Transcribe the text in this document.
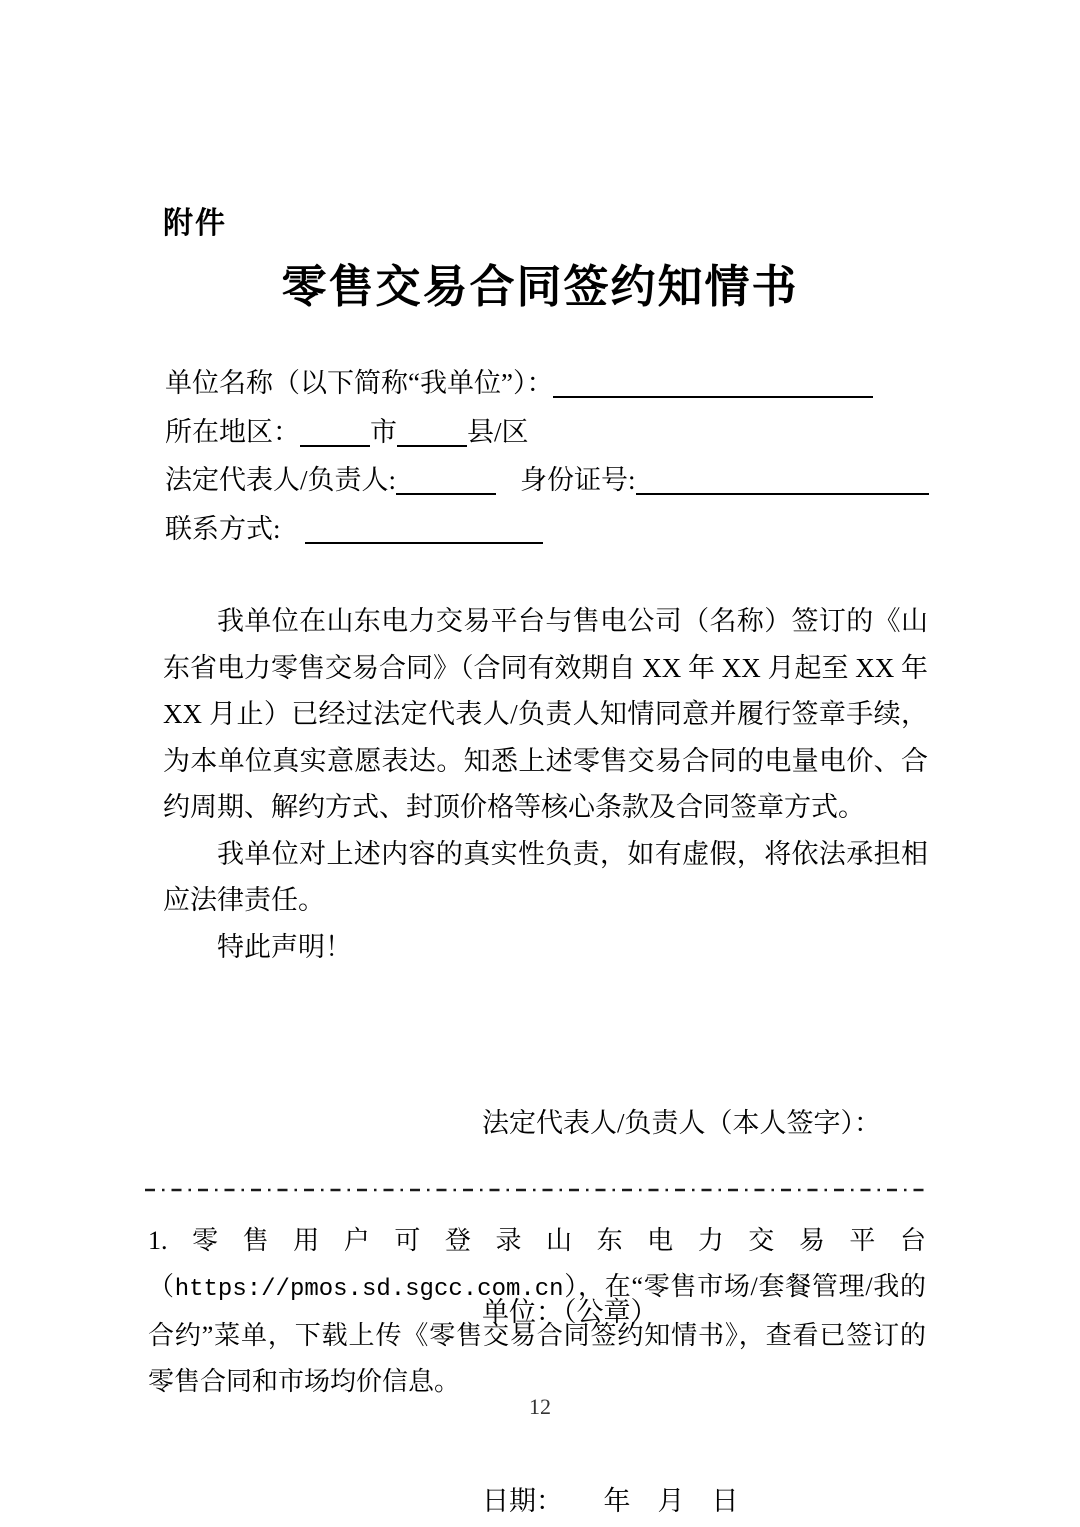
附件
零售交易合同签约知情书
单位名称（以下简称“我单位”）：
所在地区：	市	县/区
法定代表人/负责人:	身份证号:
联系方式:

我单位在山东电力交易平台与售电公司（名称）签订的《山东省电力零售交易合同》（合同有效期自 XX 年 XX 月起至 XX 年 XX 月止）已经过法定代表人/负责人知情同意并履行签章手续，为本单位真实意愿表达。知悉上述零售交易合同的电量电价、合约周期、解约方式、封顶价格等核心条款及合同签章方式。

我单位对上述内容的真实性负责，如有虚假，将依法承担相应法律责任。

特此声明！

法定代表人/负责人（本人签字）：

单位：（公章）

日期：　　年　月　日

1.零售用户可登录山东电力交易平台（https://pmos.sd.sgcc.com.cn），在“零售市场/套餐管理/我的合约”菜单，下载上传《零售交易合同签约知情书》，查看已签订的零售合同和市场均价信息。
12
